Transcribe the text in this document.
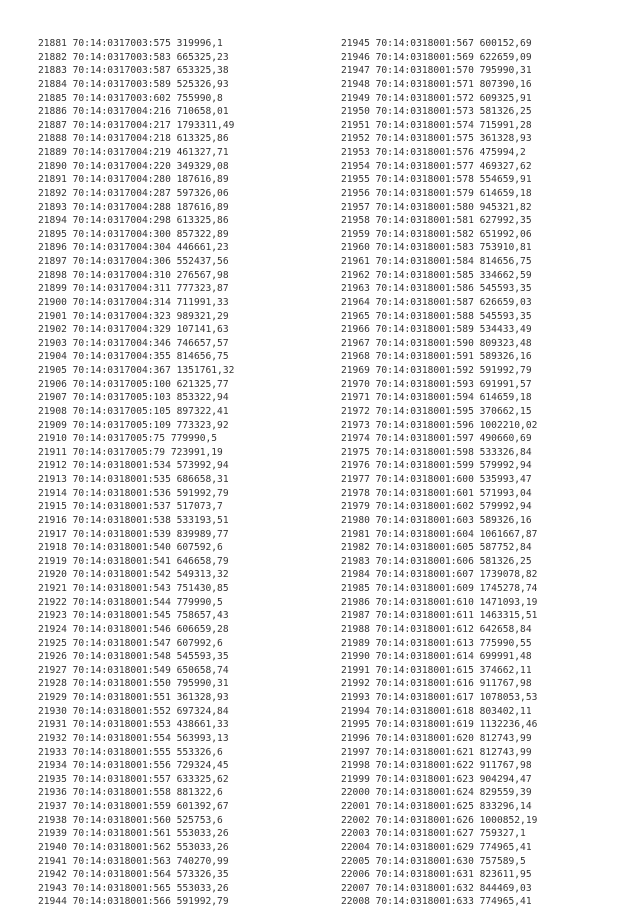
21881 70:14:0317003:575 319996,1
21882 70:14:0317003:583 665325,23
21883 70:14:0317003:587 653325,38
21884 70:14:0317003:589 525326,93
21885 70:14:0317003:602 755990,8
21886 70:14:0317004:216 710658,01
21887 70:14:0317004:217 1793311,49
21888 70:14:0317004:218 613325,86
21889 70:14:0317004:219 461327,71
21890 70:14:0317004:220 349329,08
21891 70:14:0317004:280 187616,89
21892 70:14:0317004:287 597326,06
21893 70:14:0317004:288 187616,89
21894 70:14:0317004:298 613325,86
21895 70:14:0317004:300 857322,89
21896 70:14:0317004:304 446661,23
21897 70:14:0317004:306 552437,56
21898 70:14:0317004:310 276567,98
21899 70:14:0317004:311 777323,87
21900 70:14:0317004:314 711991,33
21901 70:14:0317004:323 989321,29
21902 70:14:0317004:329 107141,63
21903 70:14:0317004:346 746657,57
21904 70:14:0317004:355 814656,75
21905 70:14:0317004:367 1351761,32
21906 70:14:0317005:100 621325,77
21907 70:14:0317005:103 853322,94
21908 70:14:0317005:105 897322,41
21909 70:14:0317005:109 773323,92
21910 70:14:0317005:75 779990,5
21911 70:14:0317005:79 723991,19
21912 70:14:0318001:534 573992,94
21913 70:14:0318001:535 686658,31
21914 70:14:0318001:536 591992,79
21915 70:14:0318001:537 517073,7
21916 70:14:0318001:538 533193,51
21917 70:14:0318001:539 839989,77
21918 70:14:0318001:540 607592,6
21919 70:14:0318001:541 646658,79
21920 70:14:0318001:542 549313,32
21921 70:14:0318001:543 751430,85
21922 70:14:0318001:544 779990,5
21923 70:14:0318001:545 758657,43
21924 70:14:0318001:546 606659,28
21925 70:14:0318001:547 607992,6
21926 70:14:0318001:548 545593,35
21927 70:14:0318001:549 650658,74
21928 70:14:0318001:550 795990,31
21929 70:14:0318001:551 361328,93
21930 70:14:0318001:552 697324,84
21931 70:14:0318001:553 438661,33
21932 70:14:0318001:554 563993,13
21933 70:14:0318001:555 553326,6
21934 70:14:0318001:556 729324,45
21935 70:14:0318001:557 633325,62
21936 70:14:0318001:558 881322,6
21937 70:14:0318001:559 601392,67
21938 70:14:0318001:560 525753,6
21939 70:14:0318001:561 553033,26
21940 70:14:0318001:562 553033,26
21941 70:14:0318001:563 740270,99
21942 70:14:0318001:564 573326,35
21943 70:14:0318001:565 553033,26
21944 70:14:0318001:566 591992,79
21945 70:14:0318001:567 600152,69
21946 70:14:0318001:569 622659,09
21947 70:14:0318001:570 795990,31
21948 70:14:0318001:571 807390,16
21949 70:14:0318001:572 609325,91
21950 70:14:0318001:573 581326,25
21951 70:14:0318001:574 715991,28
21952 70:14:0318001:575 361328,93
21953 70:14:0318001:576 475994,2
21954 70:14:0318001:577 469327,62
21955 70:14:0318001:578 554659,91
21956 70:14:0318001:579 614659,18
21957 70:14:0318001:580 945321,82
21958 70:14:0318001:581 627992,35
21959 70:14:0318001:582 651992,06
21960 70:14:0318001:583 753910,81
21961 70:14:0318001:584 814656,75
21962 70:14:0318001:585 334662,59
21963 70:14:0318001:586 545593,35
21964 70:14:0318001:587 626659,03
21965 70:14:0318001:588 545593,35
21966 70:14:0318001:589 534433,49
21967 70:14:0318001:590 809323,48
21968 70:14:0318001:591 589326,16
21969 70:14:0318001:592 591992,79
21970 70:14:0318001:593 691991,57
21971 70:14:0318001:594 614659,18
21972 70:14:0318001:595 370662,15
21973 70:14:0318001:596 1002210,02
21974 70:14:0318001:597 490660,69
21975 70:14:0318001:598 533326,84
21976 70:14:0318001:599 579992,94
21977 70:14:0318001:600 535993,47
21978 70:14:0318001:601 571993,04
21979 70:14:0318001:602 579992,94
21980 70:14:0318001:603 589326,16
21981 70:14:0318001:604 1061667,87
21982 70:14:0318001:605 587752,84
21983 70:14:0318001:606 581326,25
21984 70:14:0318001:607 1739078,82
21985 70:14:0318001:609 1745278,74
21986 70:14:0318001:610 1471093,19
21987 70:14:0318001:611 1463315,51
21988 70:14:0318001:612 642658,84
21989 70:14:0318001:613 775990,55
21990 70:14:0318001:614 699991,48
21991 70:14:0318001:615 374662,11
21992 70:14:0318001:616 911767,98
21993 70:14:0318001:617 1078053,53
21994 70:14:0318001:618 803402,11
21995 70:14:0318001:619 1132236,46
21996 70:14:0318001:620 812743,99
21997 70:14:0318001:621 812743,99
21998 70:14:0318001:622 911767,98
21999 70:14:0318001:623 904294,47
22000 70:14:0318001:624 829559,39
22001 70:14:0318001:625 833296,14
22002 70:14:0318001:626 1000852,19
22003 70:14:0318001:627 759327,1
22004 70:14:0318001:629 774965,41
22005 70:14:0318001:630 757589,5
22006 70:14:0318001:631 823611,95
22007 70:14:0318001:632 844469,03
22008 70:14:0318001:633 774965,41
